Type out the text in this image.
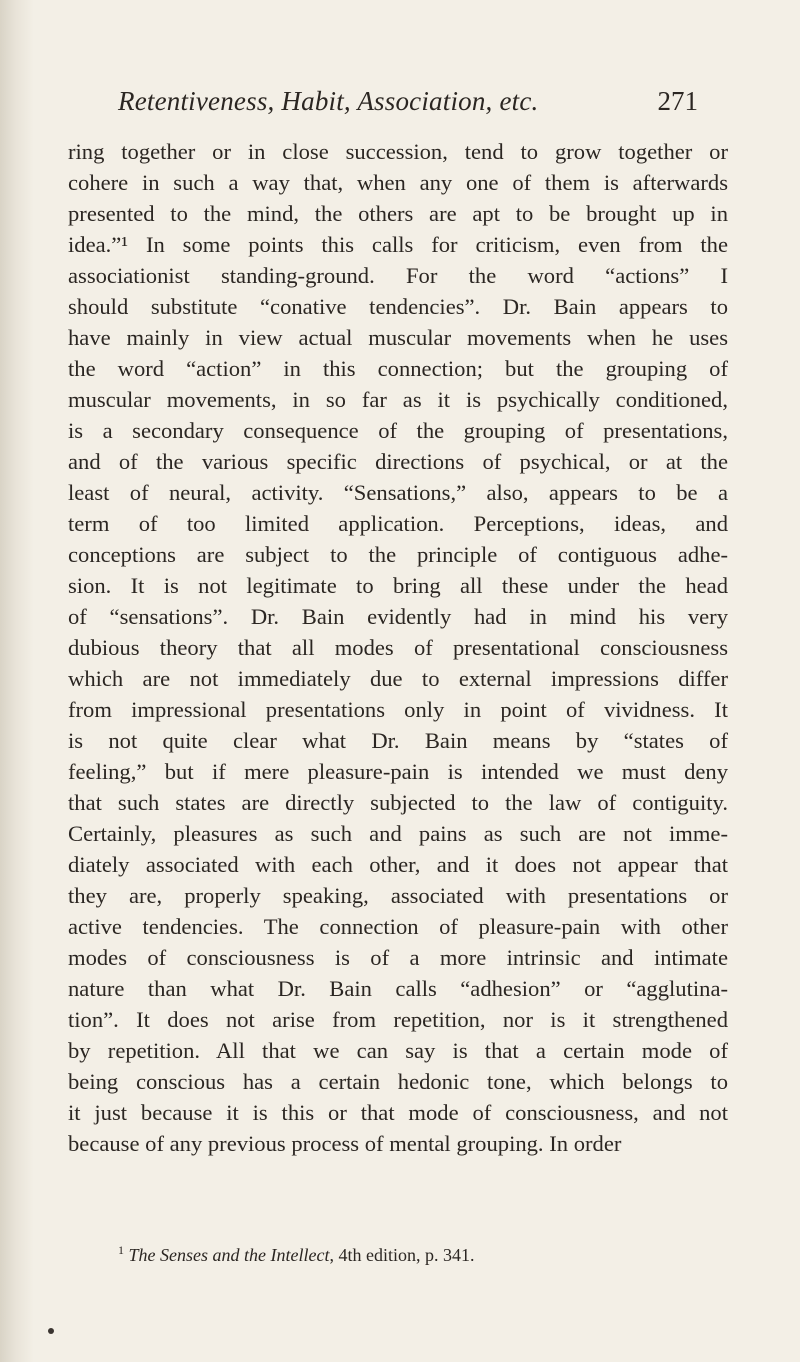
Retentiveness, Habit, Association, etc.	271
ring together or in close succession, tend to grow together or
cohere in such a way that, when any one of them is afterwards
presented to the mind, the others are apt to be brought up in
idea.”¹ In some points this calls for criticism, even from the
associationist standing-ground. For the word “actions” I
should substitute “conative tendencies”. Dr. Bain appears to
have mainly in view actual muscular movements when he uses
the word “action” in this connection; but the grouping of
muscular movements, in so far as it is psychically conditioned,
is a secondary consequence of the grouping of presentations,
and of the various specific directions of psychical, or at the
least of neural, activity. “Sensations,” also, appears to be a
term of too limited application. Perceptions, ideas, and
conceptions are subject to the principle of contiguous adhe-
sion. It is not legitimate to bring all these under the head
of “sensations”. Dr. Bain evidently had in mind his very
dubious theory that all modes of presentational consciousness
which are not immediately due to external impressions differ
from impressional presentations only in point of vividness. It
is not quite clear what Dr. Bain means by “states of
feeling,” but if mere pleasure-pain is intended we must deny
that such states are directly subjected to the law of contiguity.
Certainly, pleasures as such and pains as such are not imme-
diately associated with each other, and it does not appear that
they are, properly speaking, associated with presentations or
active tendencies. The connection of pleasure-pain with other
modes of consciousness is of a more intrinsic and intimate
nature than what Dr. Bain calls “adhesion” or “agglutina-
tion”. It does not arise from repetition, nor is it strengthened
by repetition. All that we can say is that a certain mode of
being conscious has a certain hedonic tone, which belongs to
it just because it is this or that mode of consciousness, and not
because of any previous process of mental grouping. In order
$^1$ The Senses and the Intellect, 4th edition, p. 341.
